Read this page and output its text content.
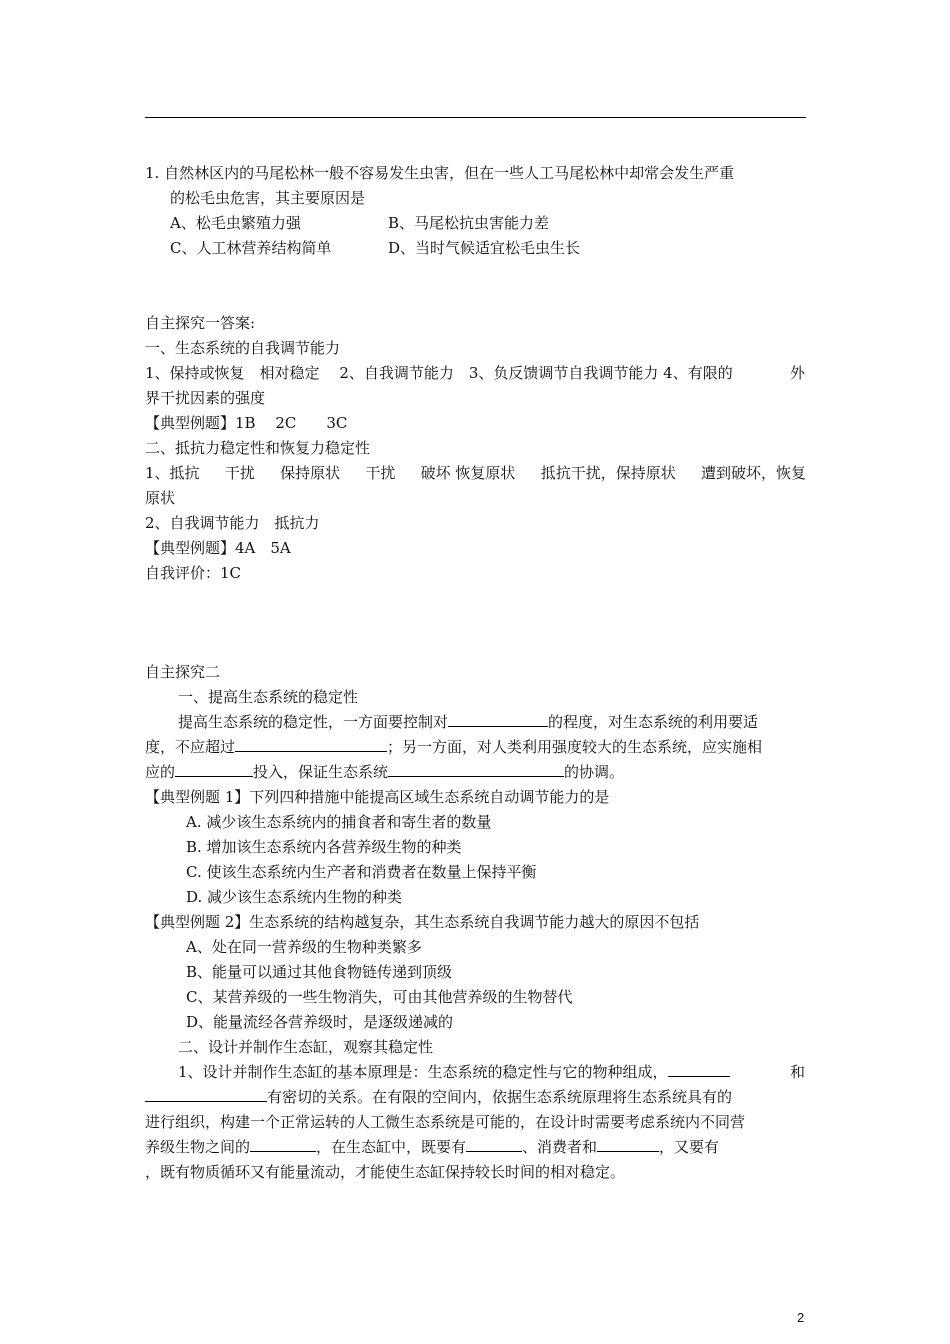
1. 自然林区内的马尾松林一般不容易发生虫害，但在一些人工马尾松林中却常会发生严重
的松毛虫危害，其主要原因是
A、松毛虫繁殖力强	B、马尾松抗虫害能力差
C、人工林营养结构简单	D、当时气候适宜松毛虫生长
自主探究一答案:
一、生态系统的自我调节能力
1、保持或恢复　相对稳定　 2、自我调节能力　3、负反馈调节自我调节能力 4、有限的	外
界干扰因素的强度
【典型例题】1B　 2C　　3C
二、抵抗力稳定性和恢复力稳定性
1、抵抗 干扰 保持原状 干扰 破坏 恢复原状 抵抗干扰，保持原状 遭到破坏，恢复
原状
2、自我调节能力　抵抗力
【典型例题】4A　5A
自我评价：1C
自主探究二
一、提高生态系统的稳定性
提高生态系统的稳定性，一方面要控制对	的程度，对生态系统的利用要适
度，不应超过	；另一方面，对人类利用强度较大的生态系统，应实施相
应的	投入，保证生态系统	的协调。
【典型例题 1】下列四种措施中能提高区域生态系统自动调节能力的是
A. 减少该生态系统内的捕食者和寄生者的数量
B. 增加该生态系统内各营养级生物的种类
C. 使该生态系统内生产者和消费者在数量上保持平衡
D. 减少该生态系统内生物的种类
【典型例题 2】生态系统的结构越复杂，其生态系统自我调节能力越大的原因不包括
A、处在同一营养级的生物种类繁多
B、能量可以通过其他食物链传递到顶级
C、某营养级的一些生物消失，可由其他营养级的生物替代
D、能量流经各营养级时，是逐级递减的
二、设计并制作生态缸，观察其稳定性
1、设计并制作生态缸的基本原理是：生态系统的稳定性与它的物种组成，	和
有密切的关系。在有限的空间内，依据生态系统原理将生态系统具有的
进行组织，构建一个正常运转的人工微生态系统是可能的，在设计时需要考虑系统内不同营
养级生物之间的	，在生态缸中，既要有	、消费者和	，又要有
，既有物质循环又有能量流动，才能使生态缸保持较长时间的相对稳定。
2
